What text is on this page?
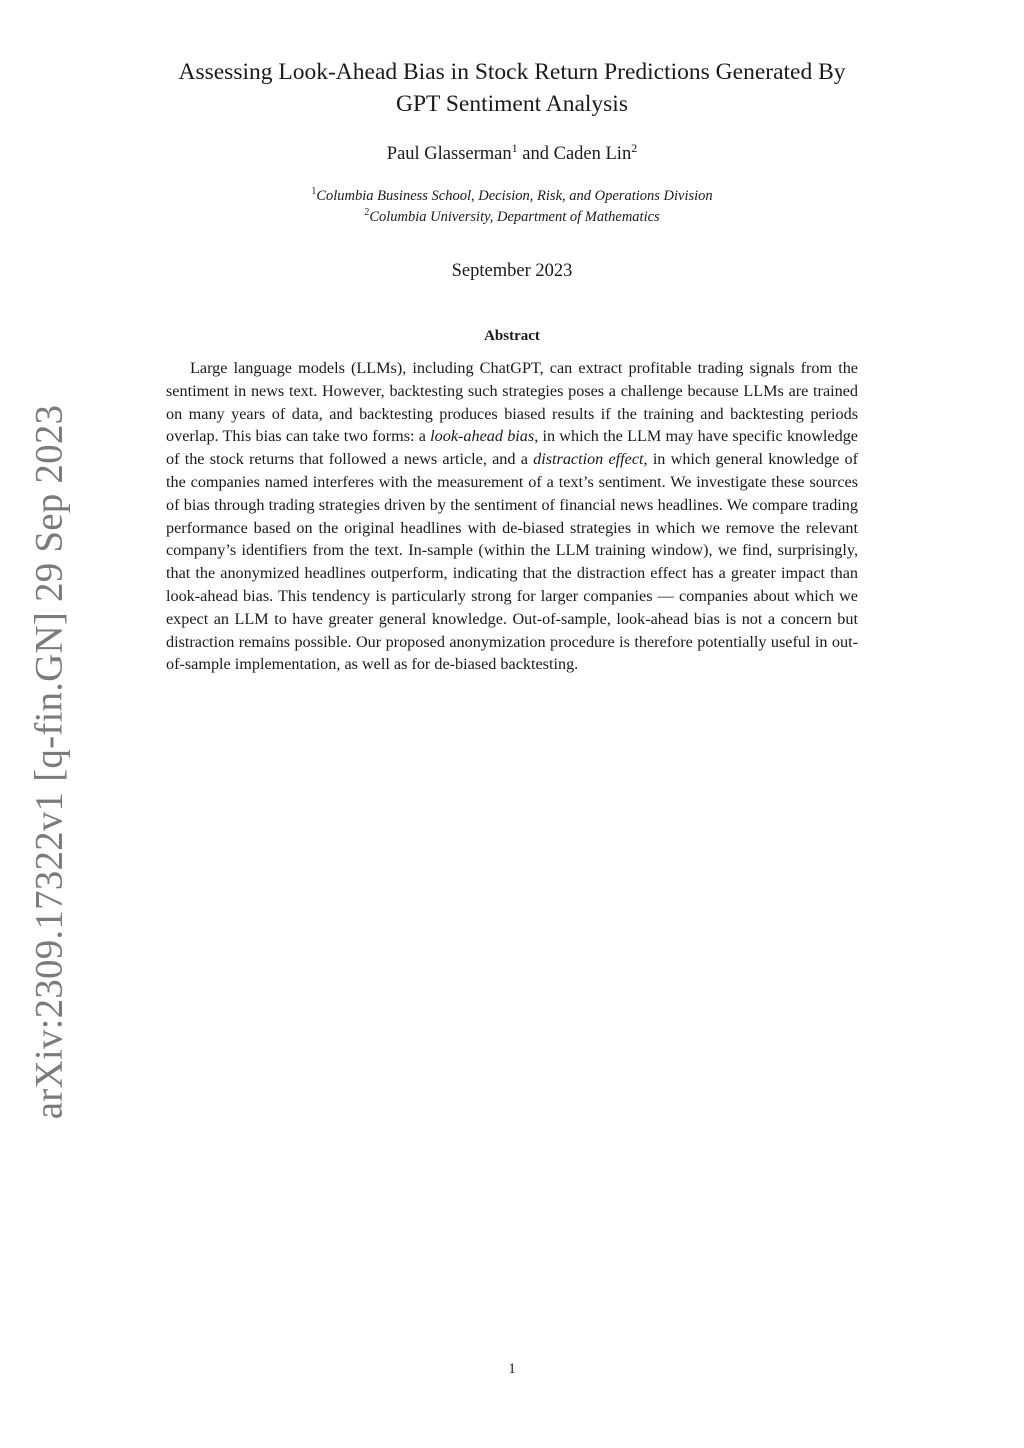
arXiv:2309.17322v1 [q-fin.GN] 29 Sep 2023
Assessing Look-Ahead Bias in Stock Return Predictions Generated By
GPT Sentiment Analysis
Paul Glasserman$^1$ and Caden Lin$^2$
$^1$Columbia Business School, Decision, Risk, and Operations Division
$^2$Columbia University, Department of Mathematics
September 2023
Abstract

Large language models (LLMs), including ChatGPT, can extract profitable trading signals from the sentiment in news text. However, backtesting such strategies poses a challenge because LLMs are trained on many years of data, and backtesting produces biased results if the training and backtesting periods overlap. This bias can take two forms: a look-ahead bias, in which the LLM may have specific knowledge of the stock returns that followed a news article, and a distraction effect, in which general knowledge of the companies named interferes with the measurement of a text’s sentiment. We investigate these sources of bias through trading strategies driven by the sentiment of financial news headlines. We compare trading performance based on the original headlines with de-biased strategies in which we remove the relevant company’s identifiers from the text. In-sample (within the LLM training window), we find, surprisingly, that the anonymized headlines outperform, indicating that the distraction effect has a greater impact than look-ahead bias. This tendency is particularly strong for larger companies — companies about which we expect an LLM to have greater general knowledge. Out-of-sample, look-ahead bias is not a concern but distraction remains possible. Our proposed anonymization procedure is therefore potentially useful in out-of-sample implementation, as well as for de-biased backtesting.

1
